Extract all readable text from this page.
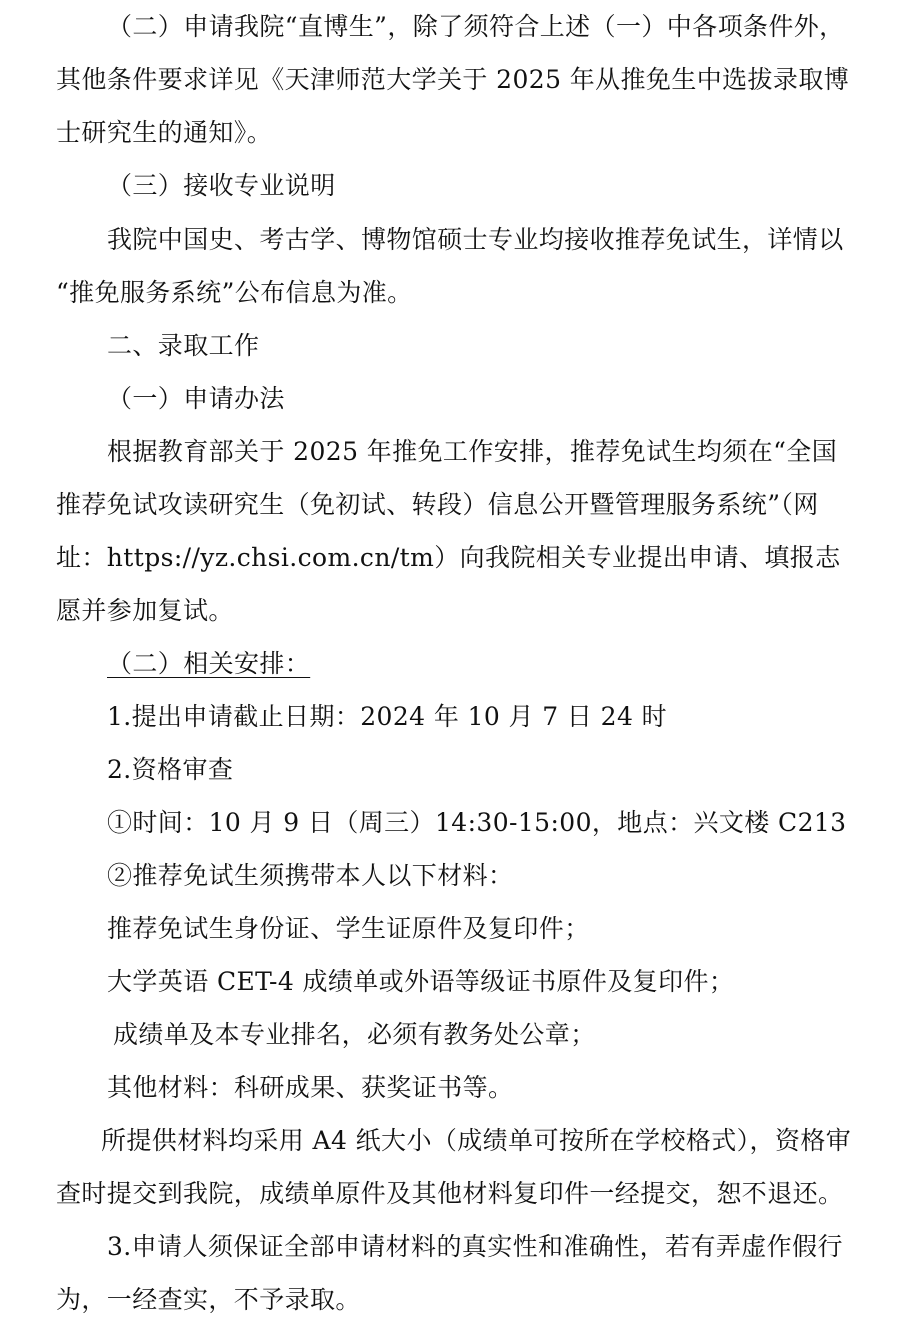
（二）申请我院“直博生”，除了须符合上述（一）中各项条件外，
其他条件要求详见《天津师范大学关于 2025 年从推免生中选拔录取博
士研究生的通知》。
（三）接收专业说明
我院中国史、考古学、博物馆硕士专业均接收推荐免试生，详情以
“推免服务系统”公布信息为准。
二、录取工作
（一）申请办法
根据教育部关于 2025 年推免工作安排，推荐免试生均须在“全国
推荐免试攻读研究生（免初试、转段）信息公开暨管理服务系统”（网
址：https://yz.chsi.com.cn/tm）向我院相关专业提出申请、填报志
愿并参加复试。
（二）相关安排：
1.提出申请截止日期：2024 年 10 月 7 日 24 时
2.资格审查
①时间：10 月 9 日（周三）14:30-15:00，地点：兴文楼 C213
②推荐免试生须携带本人以下材料：
推荐免试生身份证、学生证原件及复印件；
大学英语 CET-4 成绩单或外语等级证书原件及复印件；
成绩单及本专业排名，必须有教务处公章；
其他材料：科研成果、获奖证书等。
所提供材料均采用 A4 纸大小（成绩单可按所在学校格式），资格审
查时提交到我院，成绩单原件及其他材料复印件一经提交，恕不退还。
3.申请人须保证全部申请材料的真实性和准确性，若有弄虚作假行
为，一经查实，不予录取。
